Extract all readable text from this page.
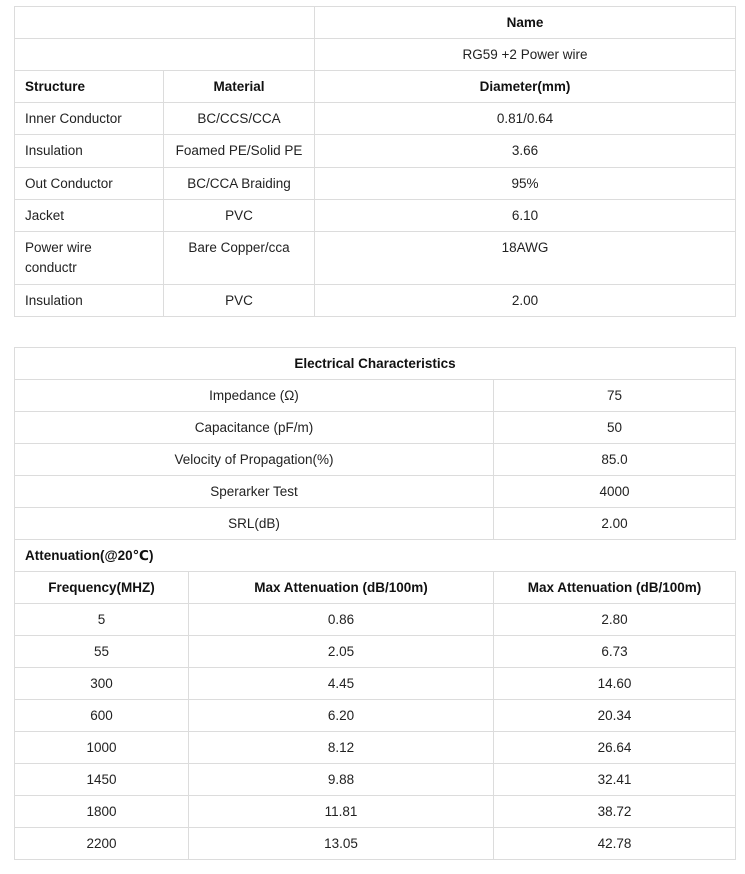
		Name
		RG59 +2 Power wire
Structure	Material	Diameter(mm)
Inner Conductor	BC/CCS/CCA	0.81/0.64
Insulation	Foamed PE/Solid PE	3.66
Out Conductor	BC/CCA Braiding	95%
Jacket	PVC	6.10
Power wire conductr	Bare Copper/cca	18AWG
Insulation	PVC	2.00
Electrical Characteristics	
Impedance (Ω)	75
Capacitance (pF/m)	50
Velocity of Propagation(%)	85.0
Sperarker Test	4000
SRL(dB)	2.00
Attenuation(@20℃)		
Frequency(MHZ)	Max Attenuation (dB/100m)	Max Attenuation (dB/100m)
5	0.86	2.80
55	2.05	6.73
300	4.45	14.60
600	6.20	20.34
1000	8.12	26.64
1450	9.88	32.41
1800	11.81	38.72
2200	13.05	42.78
